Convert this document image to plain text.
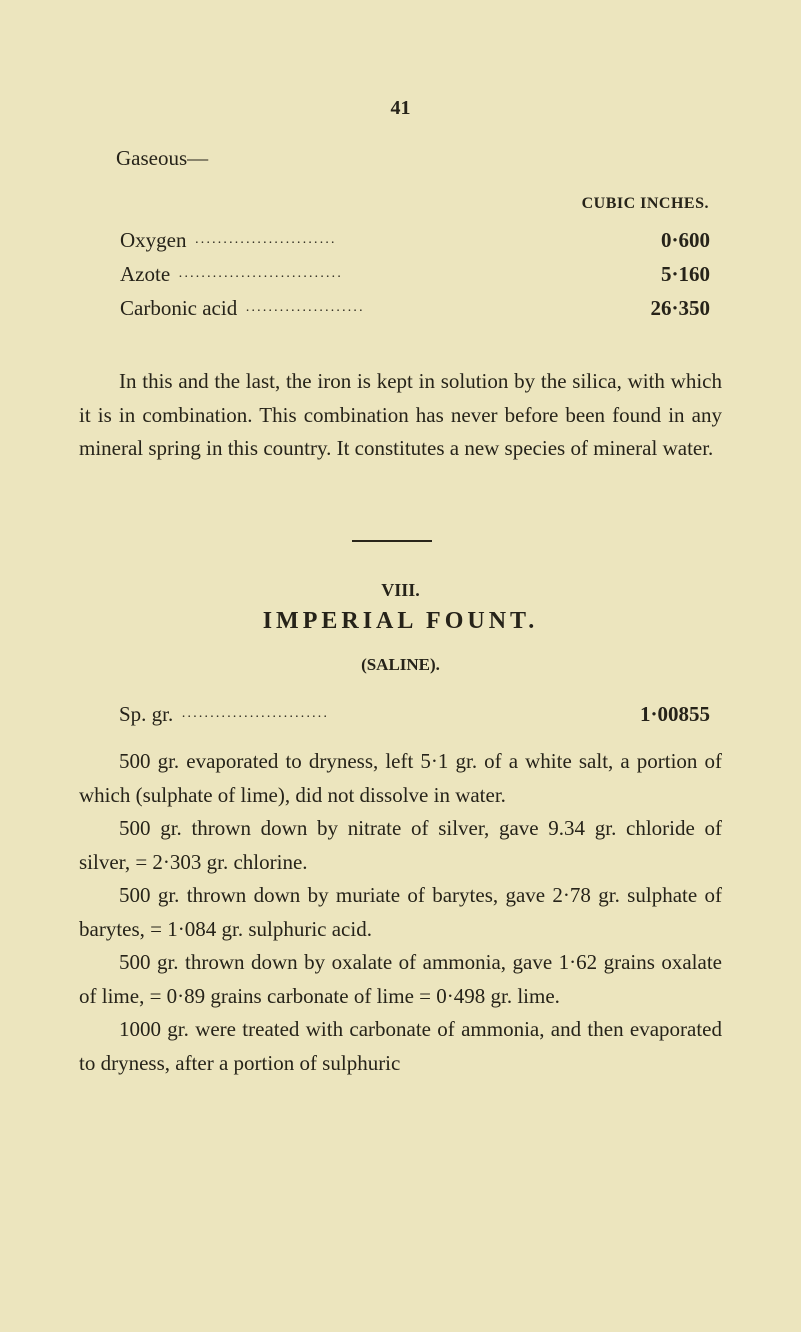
41
Gaseous—
CUBIC INCHES.
Oxygen ·························	0·600
Azote ·····························	5·160
Carbonic acid ·····················	26·350

In this and the last, the iron is kept in solution by the silica, with which it is in combination. This combination has never before been found in any mineral spring in this country. It constitutes a new species of mineral water.

VIII.
IMPERIAL FOUNT.
(SALINE).
Sp. gr. ··························	1·00855

500 gr. evaporated to dryness, left 5·1 gr. of a white salt, a portion of which (sulphate of lime), did not dissolve in water.

500 gr. thrown down by nitrate of silver, gave 9.34 gr. chloride of silver, = 2·303 gr. chlorine.

500 gr. thrown down by muriate of barytes, gave 2·78 gr. sulphate of barytes, = 1·084 gr. sulphuric acid.

500 gr. thrown down by oxalate of ammonia, gave 1·62 grains oxalate of lime, = 0·89 grains carbonate of lime = 0·498 gr. lime.

1000 gr. were treated with carbonate of ammonia, and then evaporated to dryness, after a portion of sulphuric
